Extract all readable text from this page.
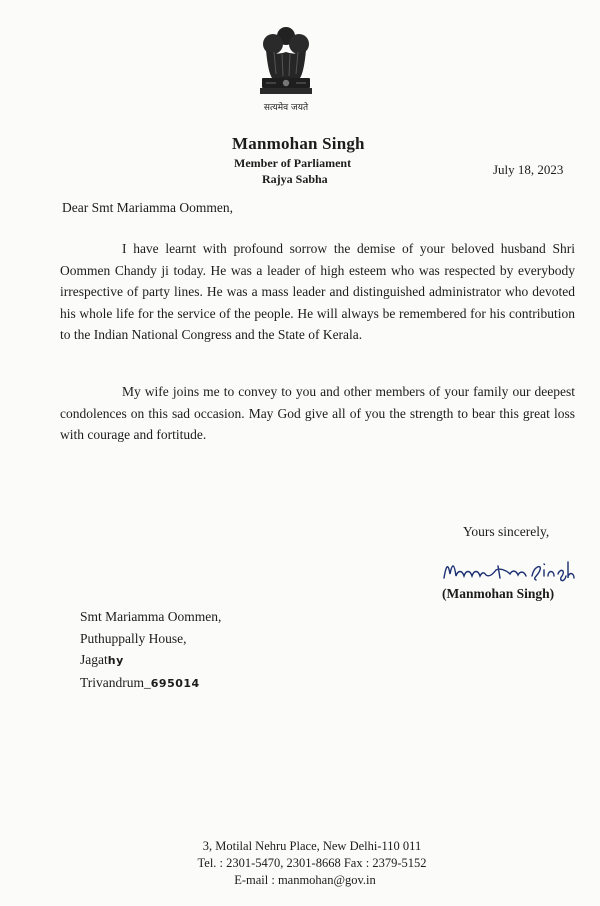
सत्यमेव जयते
Manmohan Singh
Member of Parliament
Rajya Sabha
July 18, 2023
Dear Smt Mariamma Oommen,

I have learnt with profound sorrow the demise of your beloved husband Shri Oommen Chandy ji today. He was a leader of high esteem who was respected by everybody irrespective of party lines. He was a mass leader and distinguished administrator who devoted his whole life for the service of the people. He will always be remembered for his contribution to the Indian National Congress and the State of Kerala.

My wife joins me to convey to you and other members of your family our deepest condolences on this sad occasion. May God give all of you the strength to bear this great loss with courage and fortitude.

Yours sincerely,
(Manmohan Singh)
Smt Mariamma Oommen,
Puthuppally House,
Jagathy
Trivandrum_695014
3, Motilal Nehru Place, New Delhi-110 011
Tel. : 2301-5470, 2301-8668 Fax : 2379-5152
E-mail : manmohan@gov.in
